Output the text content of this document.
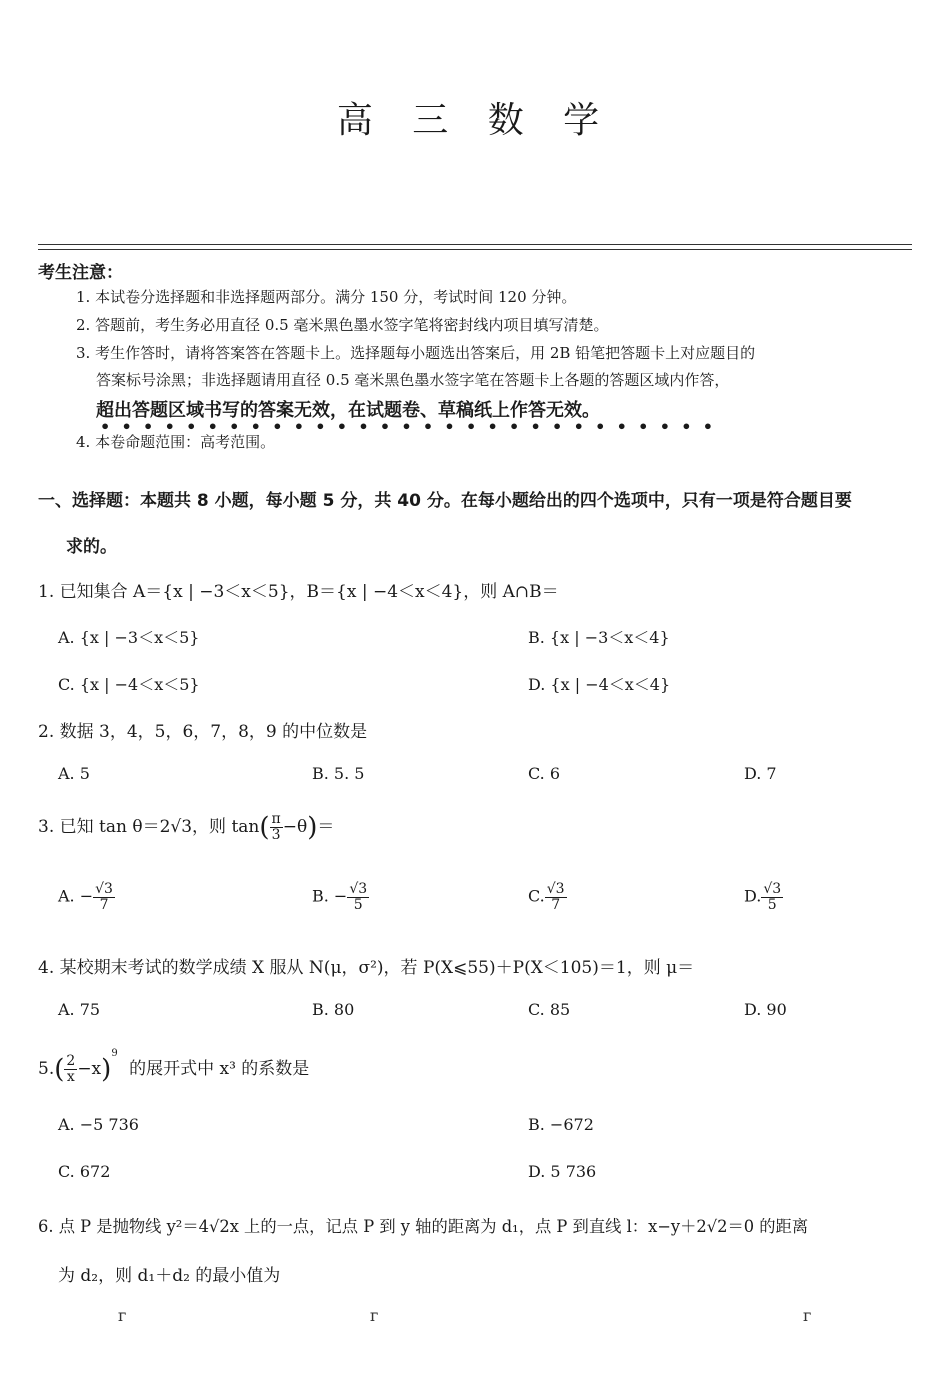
高 三 数 学
考生注意：
1. 本试卷分选择题和非选择题两部分。满分 150 分，考试时间 120 分钟。
2. 答题前，考生务必用直径 0.5 毫米黑色墨水签字笔将密封线内项目填写清楚。
3. 考生作答时，请将答案答在答题卡上。选择题每小题选出答案后，用 2B 铅笔把答题卡上对应题目的
答案标号涂黑；非选择题请用直径 0.5 毫米黑色墨水签字笔在答题卡上各题的答题区域内作答，
超出答题区域书写的答案无效，在试题卷、草稿纸上作答无效。
•••••••••••••••••••••••••••••
4. 本卷命题范围：高考范围。
一、选择题：本题共 8 小题，每小题 5 分，共 40 分。在每小题给出的四个选项中，只有一项是符合题目要
求的。
1. 已知集合 A＝{x | −3＜x＜5}，B＝{x | −4＜x＜4}，则 A∩B＝
A. {x | −3＜x＜5}	B. {x | −3＜x＜4}
C. {x | −4＜x＜5}	D. {x | −4＜x＜4}
2. 数据 3，4，5，6，7，8，9 的中位数是
A. 5	B. 5. 5	C. 6	D. 7
3. 已知 tan θ＝2√3，则 $\tan( \frac{\pi}{3} -\theta)=$
A. − $\frac{√3}{7}$	B. − $\frac{√3}{5}$	C. $\frac{√3}{7}$	D. $\frac{√3}{5}$
4. 某校期末考试的数学成绩 X 服从 N(μ，σ²)，若 P(X⩽55)＋P(X＜105)＝1，则 μ＝
A. 75	B. 80	C. 85	D. 90
$5.( \frac{2}{x} -x)^9$ 的展开式中 x³ 的系数是
A. −5 736	B. −672
C. 672	D. 5 736
6. 点 P 是抛物线 y²＝4√2x 上的一点，记点 P 到 y 轴的距离为 d₁，点 P 到直线 l：x−y＋2√2＝0 的距离
为 d₂，则 d₁＋d₂ 的最小值为
г	г	г
